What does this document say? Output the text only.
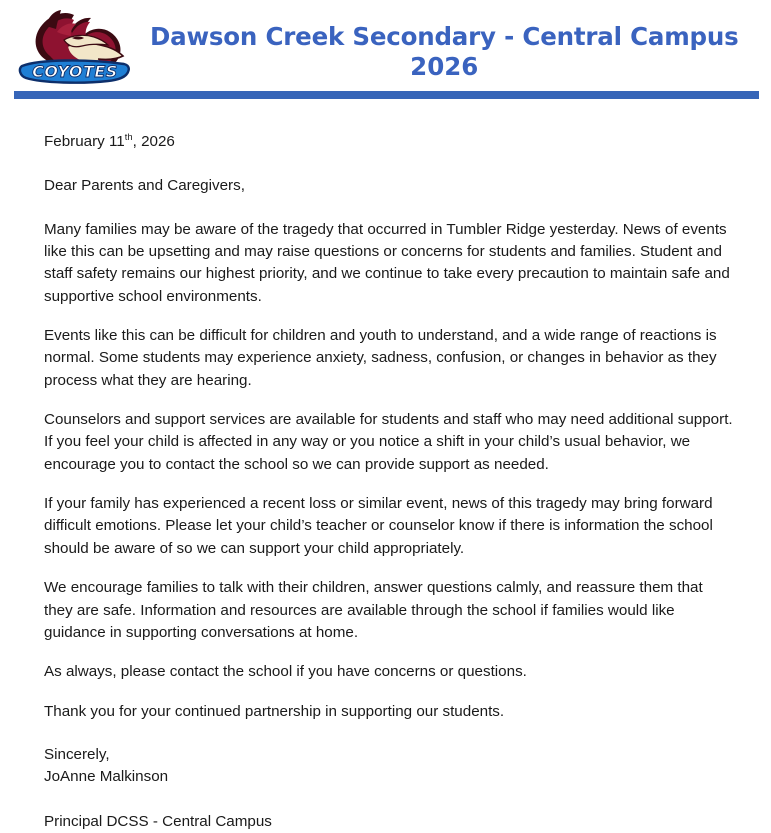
COYOTES
Dawson Creek Secondary - Central Campus
2026

February 11th, 2026

Dear Parents and Caregivers,

Many families may be aware of the tragedy that occurred in Tumbler Ridge yesterday. News of events like this can be upsetting and may raise questions or concerns for students and families. Student and staff safety remains our highest priority, and we continue to take every precaution to maintain safe and supportive school environments.

Events like this can be difficult for children and youth to understand, and a wide range of reactions is normal. Some students may experience anxiety, sadness, confusion, or changes in behavior as they process what they are hearing.

Counselors and support services are available for students and staff who may need additional support. If you feel your child is affected in any way or you notice a shift in your child’s usual behavior, we encourage you to contact the school so we can provide support as needed.

If your family has experienced a recent loss or similar event, news of this tragedy may bring forward difficult emotions. Please let your child’s teacher or counselor know if there is information the school should be aware of so we can support your child appropriately.

We encourage families to talk with their children, answer questions calmly, and reassure them that they are safe. Information and resources are available through the school if families would like guidance in supporting conversations at home.

As always, please contact the school if you have concerns or questions.

Thank you for your continued partnership in supporting our students.

Sincerely,

JoAnne Malkinson

Principal DCSS - Central Campus
